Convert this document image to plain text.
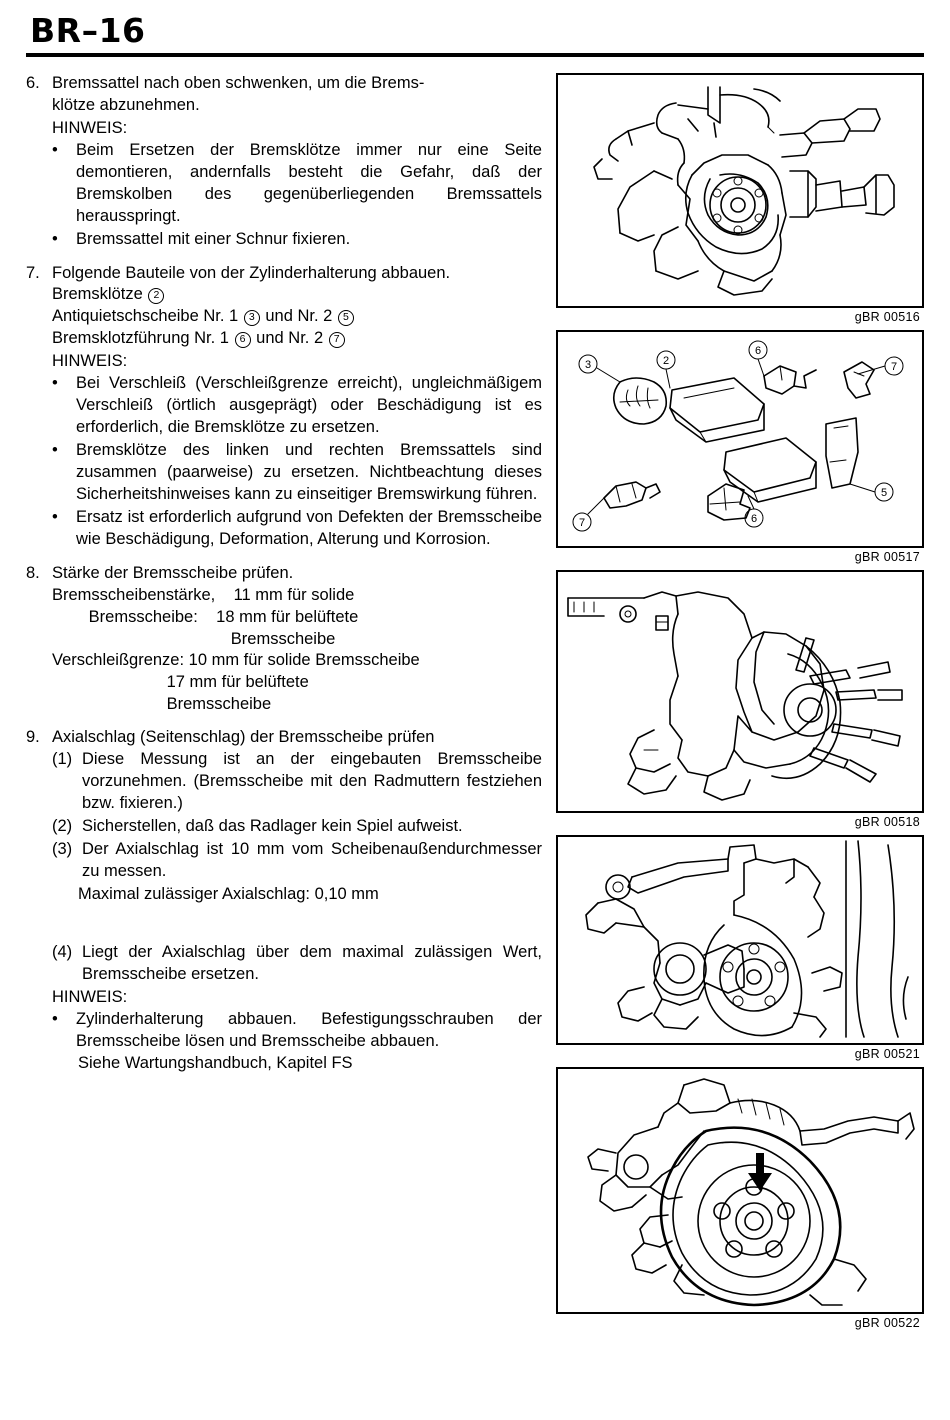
BR–16
6. Bremssattel nach oben schwenken, um die Brems-
klötze abzunehmen.
HINWEIS:
•	Beim Ersetzen der Bremsklötze immer nur eine Seite demontieren, andernfalls besteht die Gefahr, daß der Bremskolben des gegenüberliegenden Bremssattels herausspringt.
•	Bremssattel mit einer Schnur fixieren.
7. Folgende Bauteile von der Zylinderhalterung abbauen.
Bremsklötze 2
Antiquietschscheibe Nr. 1 3 und Nr. 2 5
Bremsklotzführung Nr. 1 6 und Nr. 2 7
HINWEIS:
•	Bei Verschleiß (Verschleißgrenze erreicht), ungleichmäßigem Verschleiß (örtlich ausgeprägt) oder Beschädigung ist es erforderlich, die Bremsklötze zu ersetzen.
•	Bremsklötze des linken und rechten Bremssattels sind zusammen (paarweise) zu ersetzen. Nichtbeachtung dieses Sicherheitshinweises kann zu einseitiger Bremswirkung führen.
•	Ersatz ist erforderlich aufgrund von Defekten der Bremsscheibe wie Beschädigung, Deformation, Alterung und Korrosion.
8. Stärke der Bremsscheibe prüfen.
Bremsscheibenstärke,    11 mm für solide
Bremsscheibe:    18 mm für belüftete
Bremsscheibe
Verschleißgrenze: 10 mm für solide Bremsscheibe
17 mm für belüftete
Bremsscheibe
9. Axialschlag (Seitenschlag) der Bremsscheibe prüfen
(1) Diese Messung ist an der eingebauten Bremsscheibe vorzunehmen. (Bremsscheibe mit den Radmuttern festziehen bzw. fixieren.)
(2) Sicherstellen, daß das Radlager kein Spiel aufweist.
(3) Der Axialschlag ist 10 mm vom Scheibenaußendurchmesser zu messen.
Maximal zulässiger Axialschlag: 0,10 mm
(4) Liegt der Axialschlag über dem maximal zulässigen Wert, Bremsscheibe ersetzen.
HINWEIS:
•	Zylinderhalterung abbauen. Befestigungsschrauben der Bremsscheibe lösen und Bremsscheibe abbauen.
Siehe Wartungshandbuch, Kapitel FS
gBR 00516
3	2
6
7
5
7	6
gBR 00517
gBR 00518
gBR 00521
gBR 00522
